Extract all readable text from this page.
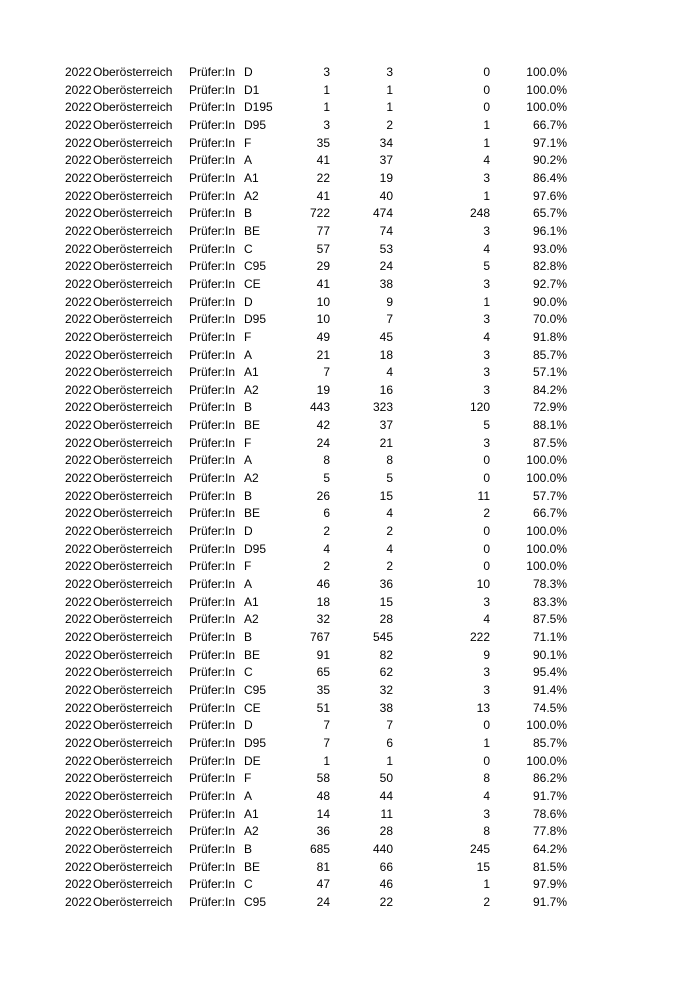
2022 Oberösterreich Prüfer:In D	3	3	0	100.0%
2022 Oberösterreich Prüfer:In D1	1	1	0	100.0%
2022 Oberösterreich Prüfer:In D195	1	1	0	100.0%
2022 Oberösterreich Prüfer:In D95	3	2	1	66.7%
2022 Oberösterreich Prüfer:In F	35	34	1	97.1%
2022 Oberösterreich Prüfer:In A	41	37	4	90.2%
2022 Oberösterreich Prüfer:In A1	22	19	3	86.4%
2022 Oberösterreich Prüfer:In A2	41	40	1	97.6%
2022 Oberösterreich Prüfer:In B	722	474	248	65.7%
2022 Oberösterreich Prüfer:In BE	77	74	3	96.1%
2022 Oberösterreich Prüfer:In C	57	53	4	93.0%
2022 Oberösterreich Prüfer:In C95	29	24	5	82.8%
2022 Oberösterreich Prüfer:In CE	41	38	3	92.7%
2022 Oberösterreich Prüfer:In D	10	9	1	90.0%
2022 Oberösterreich Prüfer:In D95	10	7	3	70.0%
2022 Oberösterreich Prüfer:In F	49	45	4	91.8%
2022 Oberösterreich Prüfer:In A	21	18	3	85.7%
2022 Oberösterreich Prüfer:In A1	7	4	3	57.1%
2022 Oberösterreich Prüfer:In A2	19	16	3	84.2%
2022 Oberösterreich Prüfer:In B	443	323	120	72.9%
2022 Oberösterreich Prüfer:In BE	42	37	5	88.1%
2022 Oberösterreich Prüfer:In F	24	21	3	87.5%
2022 Oberösterreich Prüfer:In A	8	8	0	100.0%
2022 Oberösterreich Prüfer:In A2	5	5	0	100.0%
2022 Oberösterreich Prüfer:In B	26	15	11	57.7%
2022 Oberösterreich Prüfer:In BE	6	4	2	66.7%
2022 Oberösterreich Prüfer:In D	2	2	0	100.0%
2022 Oberösterreich Prüfer:In D95	4	4	0	100.0%
2022 Oberösterreich Prüfer:In F	2	2	0	100.0%
2022 Oberösterreich Prüfer:In A	46	36	10	78.3%
2022 Oberösterreich Prüfer:In A1	18	15	3	83.3%
2022 Oberösterreich Prüfer:In A2	32	28	4	87.5%
2022 Oberösterreich Prüfer:In B	767	545	222	71.1%
2022 Oberösterreich Prüfer:In BE	91	82	9	90.1%
2022 Oberösterreich Prüfer:In C	65	62	3	95.4%
2022 Oberösterreich Prüfer:In C95	35	32	3	91.4%
2022 Oberösterreich Prüfer:In CE	51	38	13	74.5%
2022 Oberösterreich Prüfer:In D	7	7	0	100.0%
2022 Oberösterreich Prüfer:In D95	7	6	1	85.7%
2022 Oberösterreich Prüfer:In DE	1	1	0	100.0%
2022 Oberösterreich Prüfer:In F	58	50	8	86.2%
2022 Oberösterreich Prüfer:In A	48	44	4	91.7%
2022 Oberösterreich Prüfer:In A1	14	11	3	78.6%
2022 Oberösterreich Prüfer:In A2	36	28	8	77.8%
2022 Oberösterreich Prüfer:In B	685	440	245	64.2%
2022 Oberösterreich Prüfer:In BE	81	66	15	81.5%
2022 Oberösterreich Prüfer:In C	47	46	1	97.9%
2022 Oberösterreich Prüfer:In C95	24	22	2	91.7%
